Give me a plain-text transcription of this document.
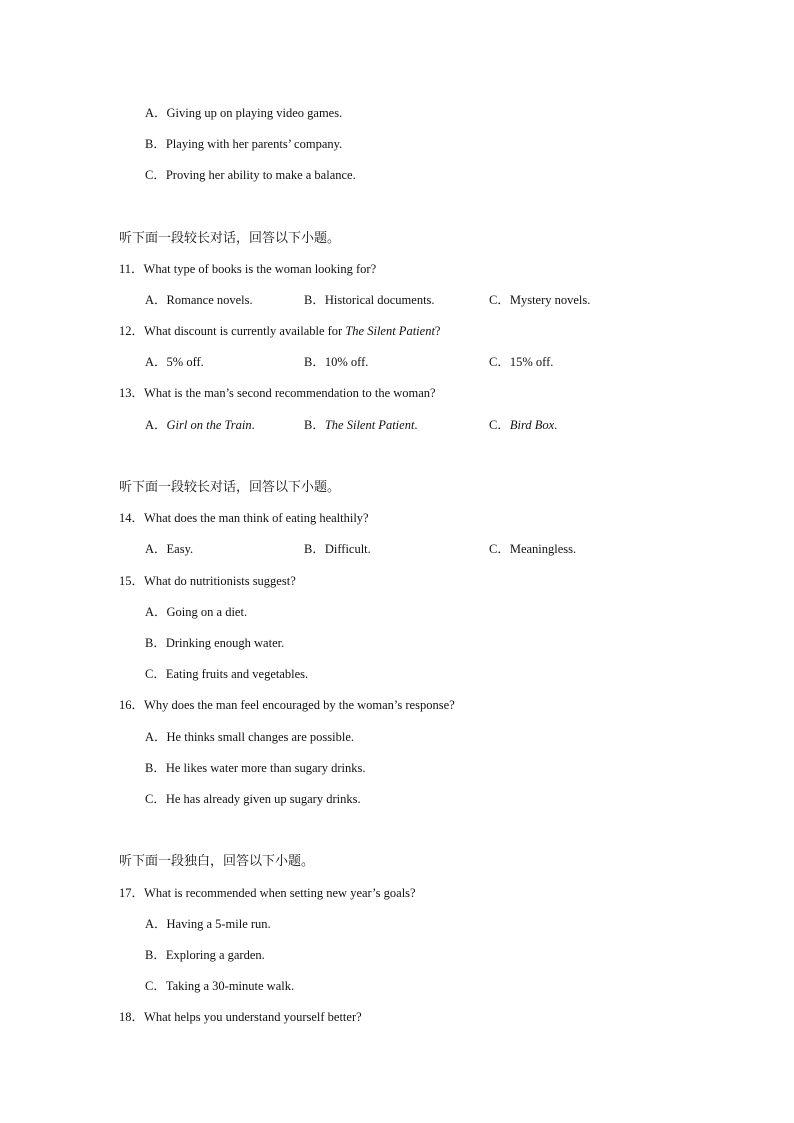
A．Giving up on playing video games.
B．Playing with her parents’ company.
C．Proving her ability to make a balance.
听下面一段较长对话，回答以下小题。
11．What type of books is the woman looking for?
A．Romance novels.	B．Historical documents.	C．Mystery novels.
12．What discount is currently available for The Silent Patient?
A．5% off.	B．10% off.	C．15% off.
13．What is the man’s second recommendation to the woman?
A．Girl on the Train.	B．The Silent Patient.	C．Bird Box.
听下面一段较长对话，回答以下小题。
14．What does the man think of eating healthily?
A．Easy.	B．Difficult.	C．Meaningless.
15．What do nutritionists suggest?
A．Going on a diet.
B．Drinking enough water.
C．Eating fruits and vegetables.
16．Why does the man feel encouraged by the woman’s response?
A．He thinks small changes are possible.
B．He likes water more than sugary drinks.
C．He has already given up sugary drinks.
听下面一段独白，回答以下小题。
17．What is recommended when setting new year’s goals?
A．Having a 5-mile run.
B．Exploring a garden.
C．Taking a 30-minute walk.
18．What helps you understand yourself better?
